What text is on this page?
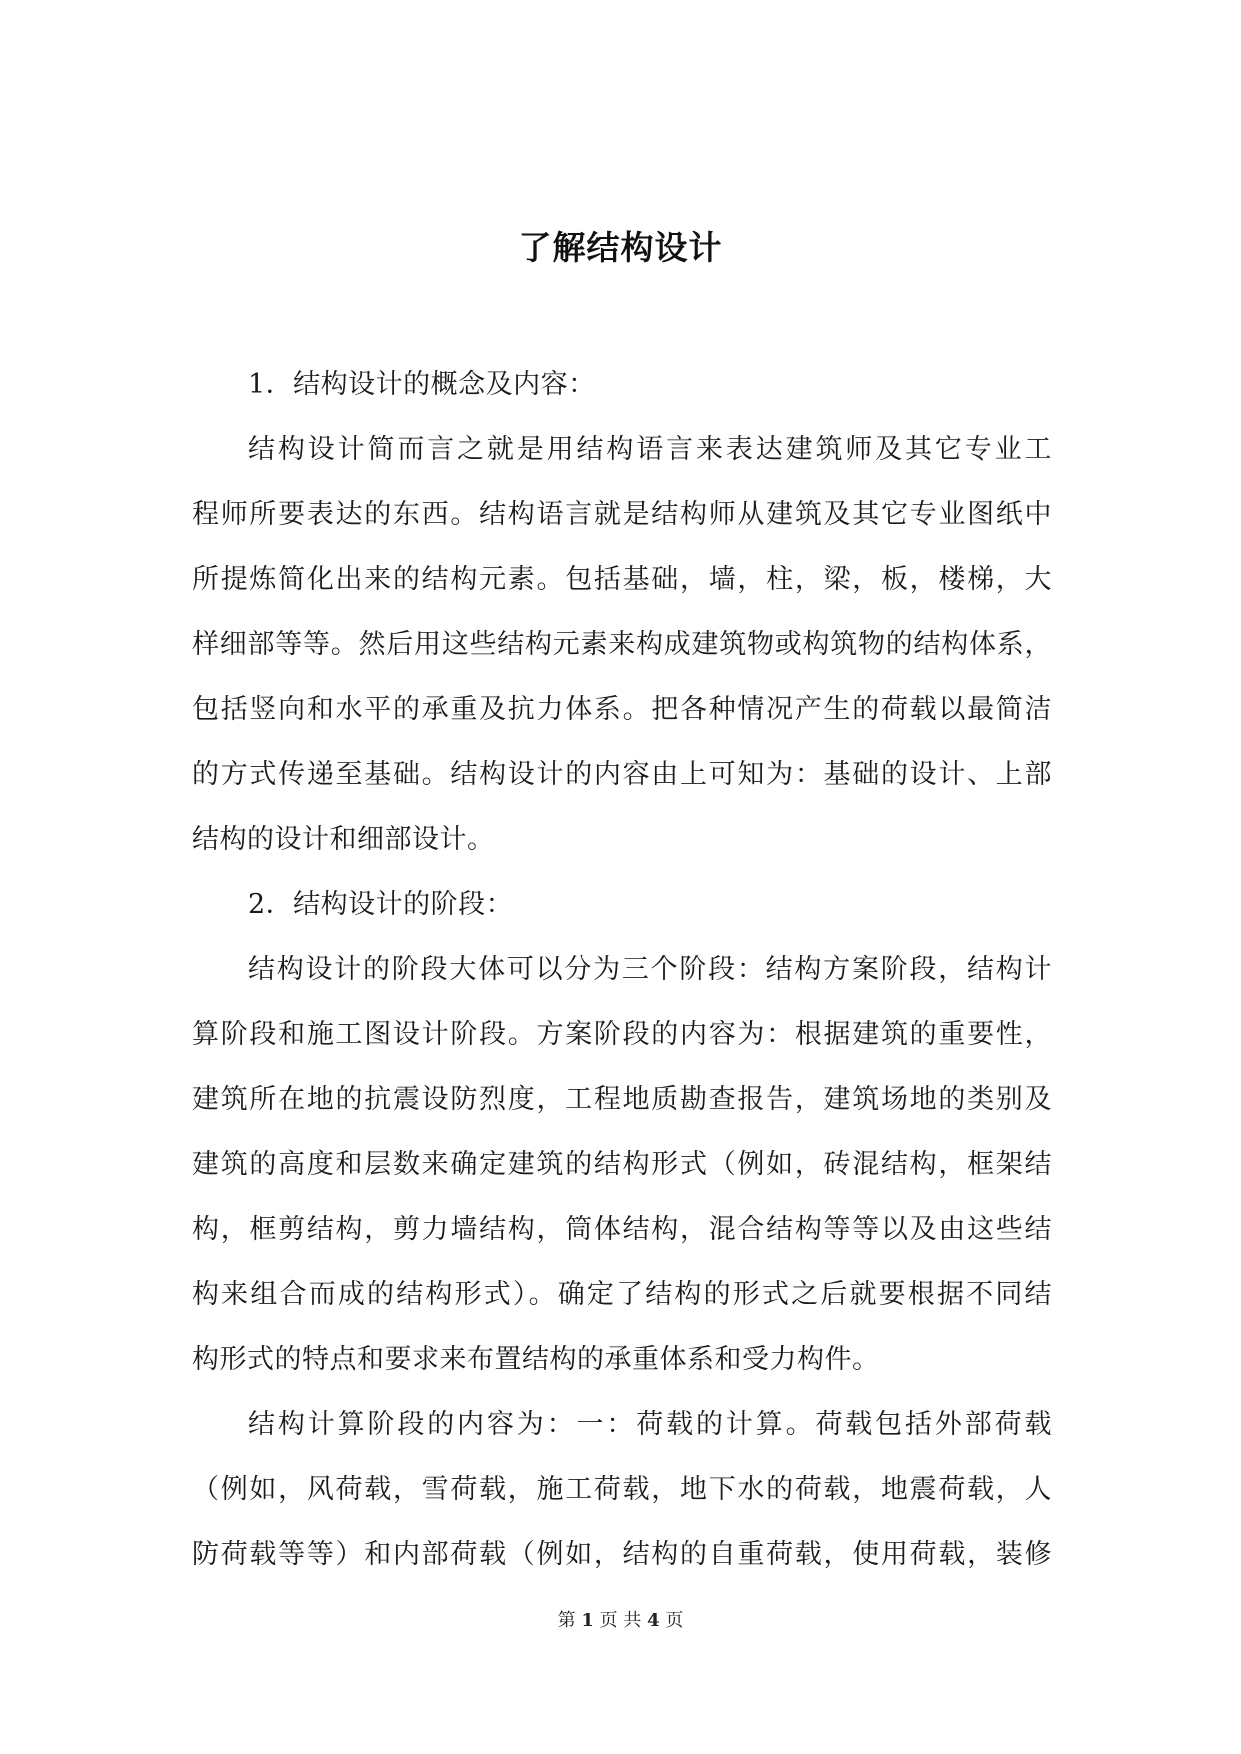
了解结构设计
1．结构设计的概念及内容：
结构设计简而言之就是用结构语言来表达建筑师及其它专业工
程师所要表达的东西。结构语言就是结构师从建筑及其它专业图纸中
所提炼简化出来的结构元素。包括基础，墙，柱，梁，板，楼梯，大
样细部等等。然后用这些结构元素来构成建筑物或构筑物的结构体系，
包括竖向和水平的承重及抗力体系。把各种情况产生的荷载以最简洁
的方式传递至基础。结构设计的内容由上可知为：基础的设计、上部
结构的设计和细部设计。
2．结构设计的阶段：
结构设计的阶段大体可以分为三个阶段：结构方案阶段，结构计
算阶段和施工图设计阶段。方案阶段的内容为：根据建筑的重要性，
建筑所在地的抗震设防烈度，工程地质勘查报告，建筑场地的类别及
建筑的高度和层数来确定建筑的结构形式（例如，砖混结构，框架结
构，框剪结构，剪力墙结构，筒体结构，混合结构等等以及由这些结
构来组合而成的结构形式）。确定了结构的形式之后就要根据不同结
构形式的特点和要求来布置结构的承重体系和受力构件。
结构计算阶段的内容为：一：荷载的计算。荷载包括外部荷载
（例如，风荷载，雪荷载，施工荷载，地下水的荷载，地震荷载，人
防荷载等等）和内部荷载（例如，结构的自重荷载，使用荷载，装修
第 1 页 共 4 页
